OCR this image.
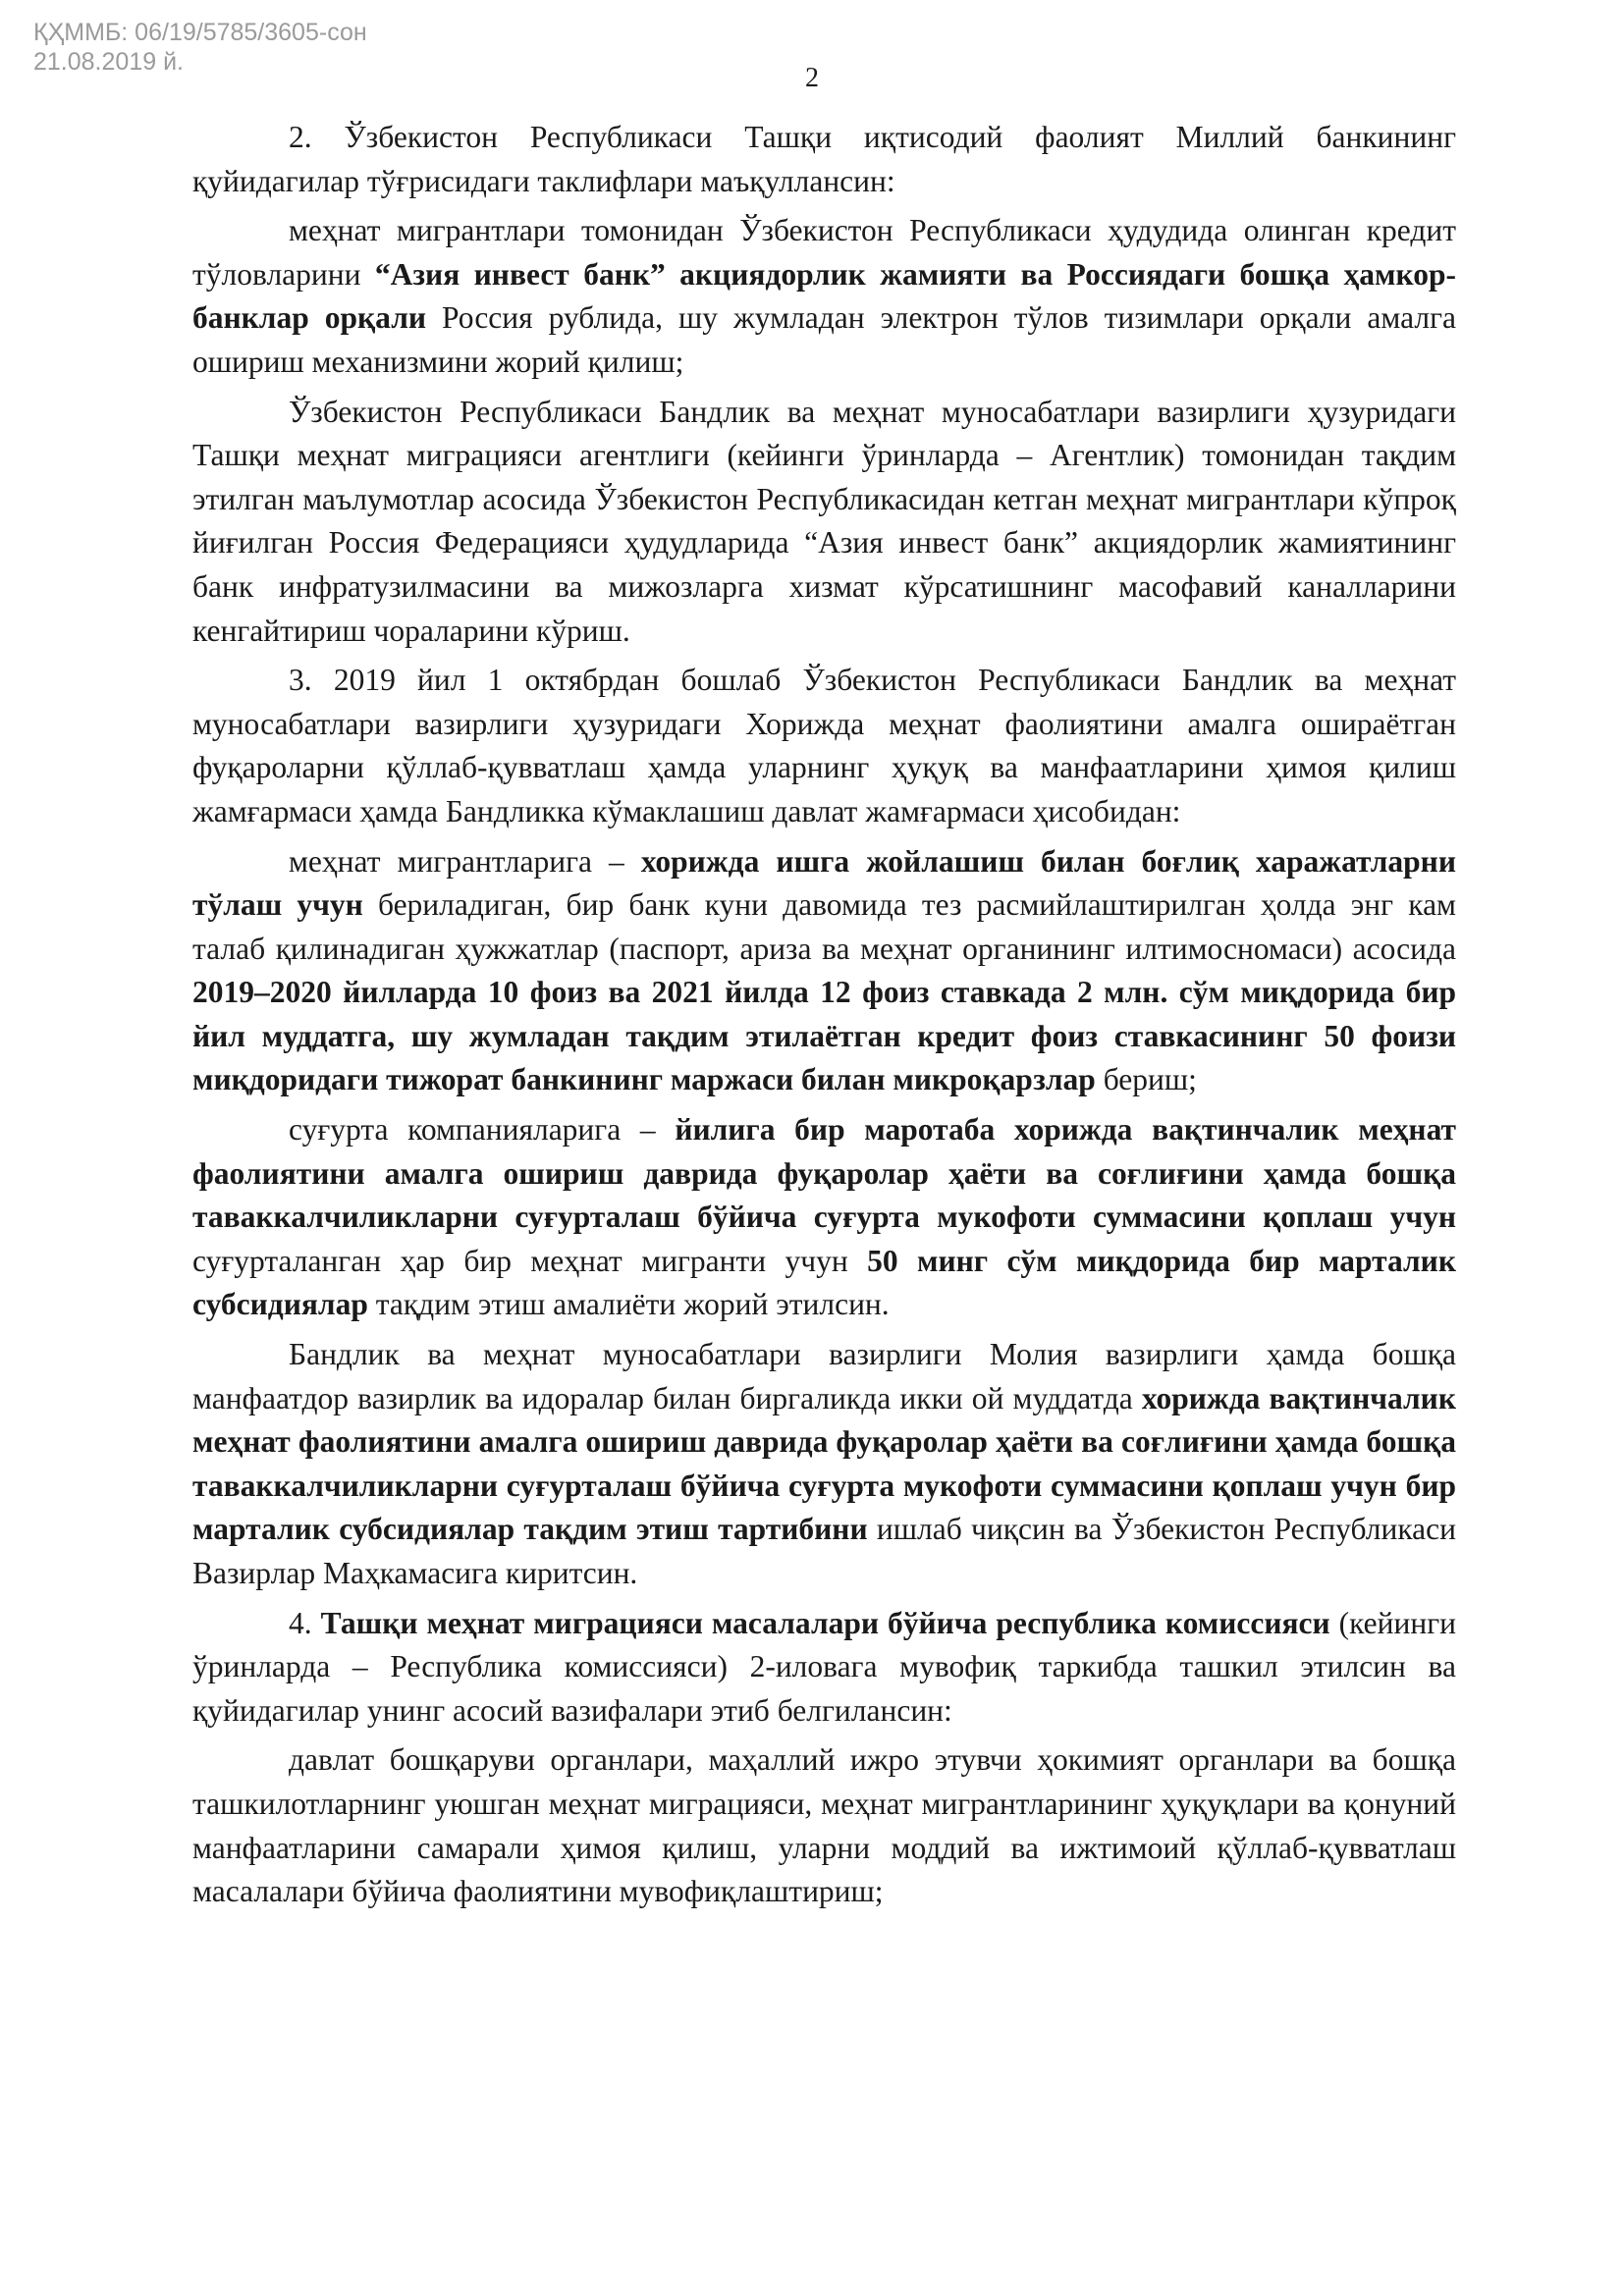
ҚҲММБ: 06/19/5785/3605-сон
21.08.2019 й.
2

2. Ўзбекистон Республикаси Ташқи иқтисодий фаолият Миллий банкининг қуйидагилар тўғрисидаги таклифлари маъқуллансин:

меҳнат мигрантлари томонидан Ўзбекистон Республикаси ҳудудида олинган кредит тўловларини “Азия инвест банк” акциядорлик жамияти ва Россиядаги бошқа ҳамкор-банклар орқали Россия рублида, шу жумладан электрон тўлов тизимлари орқали амалга ошириш механизмини жорий қилиш;

Ўзбекистон Республикаси Бандлик ва меҳнат муносабатлари вазирлиги ҳузуридаги Ташқи меҳнат миграцияси агентлиги (кейинги ўринларда – Агентлик) томонидан тақдим этилган маълумотлар асосида Ўзбекистон Республикасидан кетган меҳнат мигрантлари кўпроқ йиғилган Россия Федерацияси ҳудудларида “Азия инвест банк” акциядорлик жамиятининг банк инфратузилмасини ва мижозларга хизмат кўрсатишнинг масофавий каналларини кенгайтириш чораларини кўриш.

3. 2019 йил 1 октябрдан бошлаб Ўзбекистон Республикаси Бандлик ва меҳнат муносабатлари вазирлиги ҳузуридаги Хорижда меҳнат фаолиятини амалга ошираётган фуқароларни қўллаб-қувватлаш ҳамда уларнинг ҳуқуқ ва манфаатларини ҳимоя қилиш жамғармаси ҳамда Бандликка кўмаклашиш давлат жамғармаси ҳисобидан:

меҳнат мигрантларига – хорижда ишга жойлашиш билан боғлиқ харажатларни тўлаш учун бериладиган, бир банк куни давомида тез расмийлаштирилган ҳолда энг кам талаб қилинадиган ҳужжатлар (паспорт, ариза ва меҳнат органининг илтимосномаси) асосида 2019–2020 йилларда 10 фоиз ва 2021 йилда 12 фоиз ставкада 2 млн. сўм миқдорида бир йил муддатга, шу жумладан тақдим этилаётган кредит фоиз ставкасининг 50 фоизи миқдоридаги тижорат банкининг маржаси билан микроқарзлар бериш;

суғурта компанияларига – йилига бир маротаба хорижда вақтинчалик меҳнат фаолиятини амалга ошириш даврида фуқаролар ҳаёти ва соғлиғини ҳамда бошқа таваккалчиликларни суғурталаш бўйича суғурта мукофоти суммасини қоплаш учун суғурталанган ҳар бир меҳнат мигранти учун 50 минг сўм миқдорида бир марталик субсидиялар тақдим этиш амалиёти жорий этилсин.

Бандлик ва меҳнат муносабатлари вазирлиги Молия вазирлиги ҳамда бошқа манфаатдор вазирлик ва идоралар билан биргаликда икки ой муддатда хорижда вақтинчалик меҳнат фаолиятини амалга ошириш даврида фуқаролар ҳаёти ва соғлиғини ҳамда бошқа таваккалчиликларни суғурталаш бўйича суғурта мукофоти суммасини қоплаш учун бир марталик субсидиялар тақдим этиш тартибини ишлаб чиқсин ва Ўзбекистон Республикаси Вазирлар Маҳкамасига киритсин.

4. Ташқи меҳнат миграцияси масалалари бўйича республика комиссияси (кейинги ўринларда – Республика комиссияси) 2-иловага мувофиқ таркибда ташкил этилсин ва қуйидагилар унинг асосий вазифалари этиб белгилансин:

давлат бошқаруви органлари, маҳаллий ижро этувчи ҳокимият органлари ва бошқа ташкилотларнинг уюшган меҳнат миграцияси, меҳнат мигрантларининг ҳуқуқлари ва қонуний манфаатларини самарали ҳимоя қилиш, уларни моддий ва ижтимоий қўллаб-қувватлаш масалалари бўйича фаолиятини мувофиқлаштириш;
